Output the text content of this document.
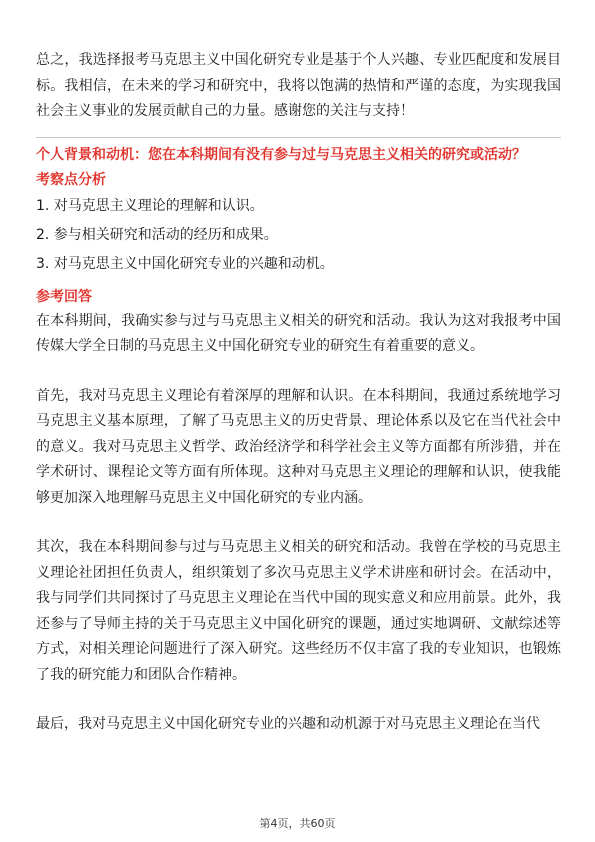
总之，我选择报考马克思主义中国化研究专业是基于个人兴趣、专业匹配度和发展目标。我相信，在未来的学习和研究中，我将以饱满的热情和严谨的态度，为实现我国社会主义事业的发展贡献自己的力量。感谢您的关注与支持！

个人背景和动机：您在本科期间有没有参与过与马克思主义相关的研究或活动？

考察点分析

1. 对马克思主义理论的理解和认识。

2. 参与相关研究和活动的经历和成果。

3. 对马克思主义中国化研究专业的兴趣和动机。

参考回答

在本科期间，我确实参与过与马克思主义相关的研究和活动。我认为这对我报考中国传媒大学全日制的马克思主义中国化研究专业的研究生有着重要的意义。

首先，我对马克思主义理论有着深厚的理解和认识。在本科期间，我通过系统地学习马克思主义基本原理，了解了马克思主义的历史背景、理论体系以及它在当代社会中的意义。我对马克思主义哲学、政治经济学和科学社会主义等方面都有所涉猎，并在学术研讨、课程论文等方面有所体现。这种对马克思主义理论的理解和认识，使我能够更加深入地理解马克思主义中国化研究的专业内涵。

其次，我在本科期间参与过与马克思主义相关的研究和活动。我曾在学校的马克思主义理论社团担任负责人，组织策划了多次马克思主义学术讲座和研讨会。在活动中，我与同学们共同探讨了马克思主义理论在当代中国的现实意义和应用前景。此外，我还参与了导师主持的关于马克思主义中国化研究的课题，通过实地调研、文献综述等方式，对相关理论问题进行了深入研究。这些经历不仅丰富了我的专业知识，也锻炼了我的研究能力和团队合作精神。

最后，我对马克思主义中国化研究专业的兴趣和动机源于对马克思主义理论在当代

第4页，共60页
